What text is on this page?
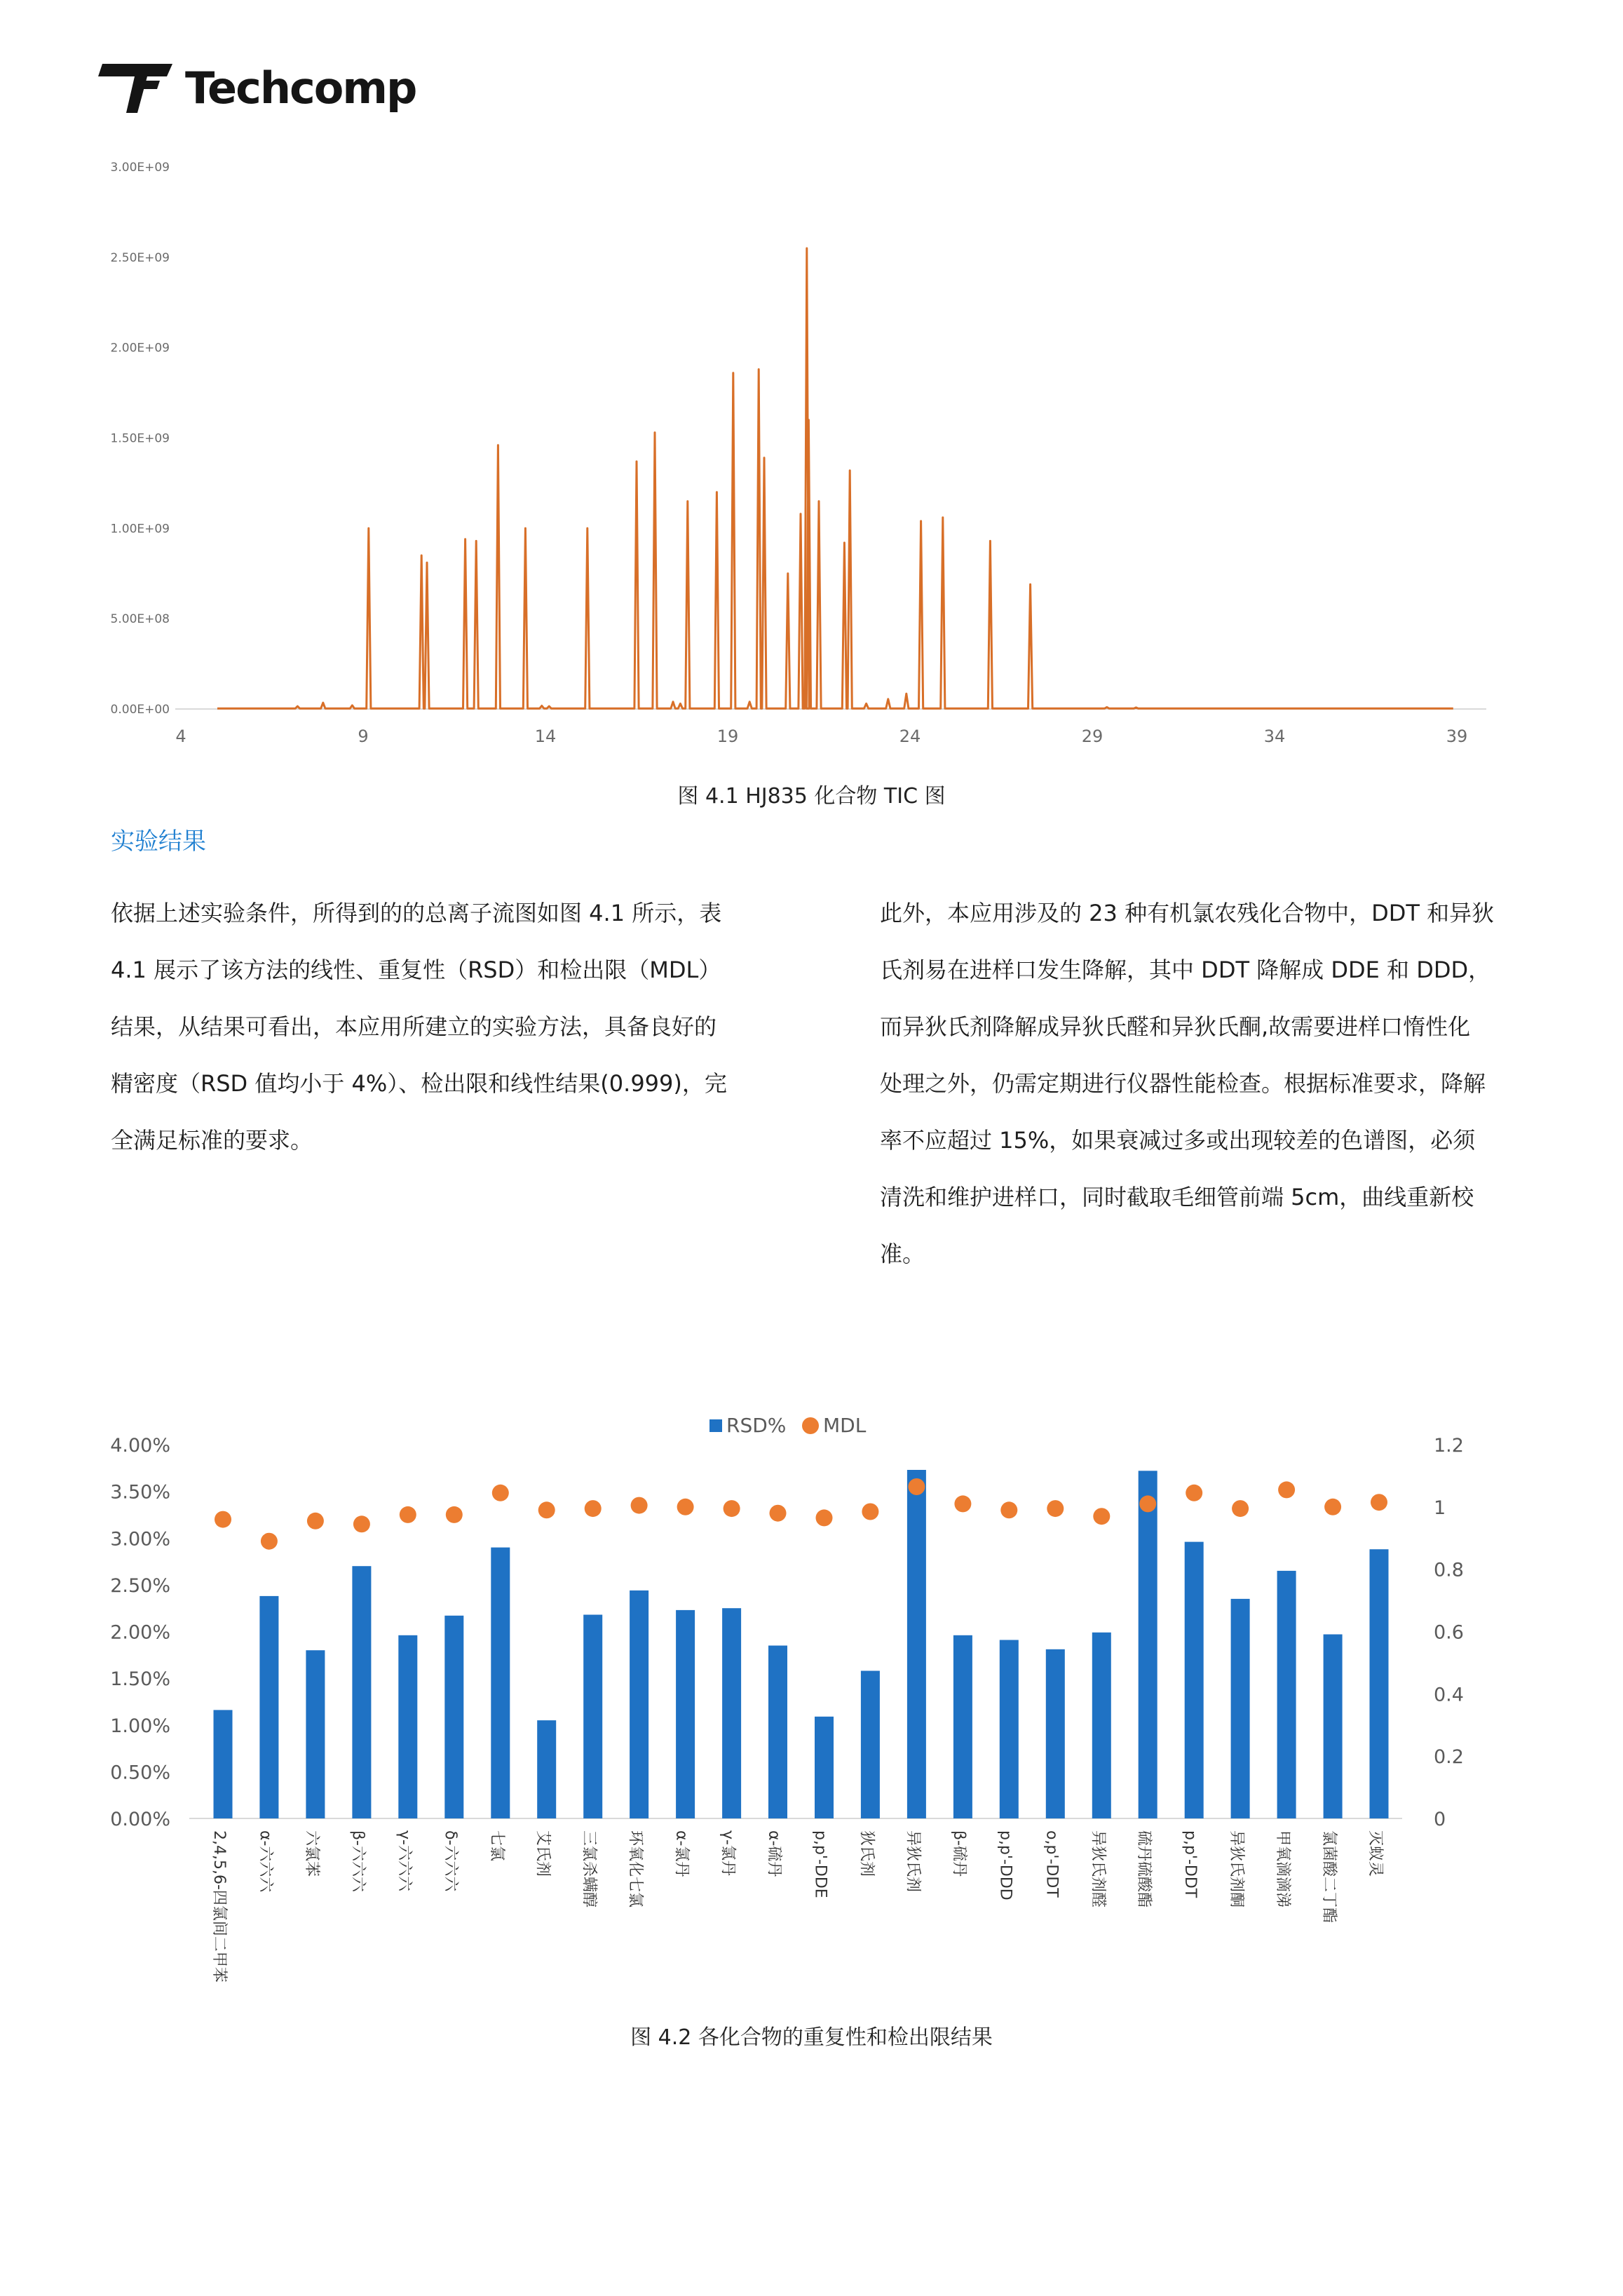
Techcomp
0.00E+00
5.00E+08
1.00E+09
1.50E+09
2.00E+09
2.50E+09
3.00E+09
4	9	14	19	24	29	34	39
图 4.1 HJ835 化合物 TIC 图
实验结果

依据上述实验条件，所得到的的总离子流图如图 4.1 所示，表
4.1 展示了该方法的线性、重复性（RSD）和检出限（MDL）
结果，从结果可看出，本应用所建立的实验方法，具备良好的
精密度（RSD 值均小于 4%）、检出限和线性结果(0.999)，完
全满足标准的要求。

此外，本应用涉及的 23 种有机氯农残化合物中，DDT 和异狄
氏剂易在进样口发生降解，其中 DDT 降解成 DDE 和 DDD，
而异狄氏剂降解成异狄氏醛和异狄氏酮,故需要进样口惰性化
处理之外，仍需定期进行仪器性能检查。根据标准要求，降解
率不应超过 15%，如果衰减过多或出现较差的色谱图，必须
清洗和维护进样口，同时截取毛细管前端 5cm，曲线重新校
准。

RSD% MDL
0.00%
0.50%
1.00%
1.50%
2.00%
2.50%
3.00%
3.50%
4.00%
0
0.2
0.4
0.6
0.8
1
1.2
2,4,5,6-四氯间二甲苯 α-六六六 六氯苯 β-六六六 γ-六六六 δ-六六六 七氯 艾氏剂 三氯杀螨醇 环氧化七氯 α-氯丹 γ-氯丹 α-硫丹 p,p'-DDE 狄氏剂 异狄氏剂 β-硫丹 p,p'-DDD o,p'-DDT 异狄氏剂醛 硫丹硫酸酯 p,p'-DDT 异狄氏剂酮 甲氧滴滴涕 氯菌酸二丁酯 灭蚁灵
图 4.2 各化合物的重复性和检出限结果
